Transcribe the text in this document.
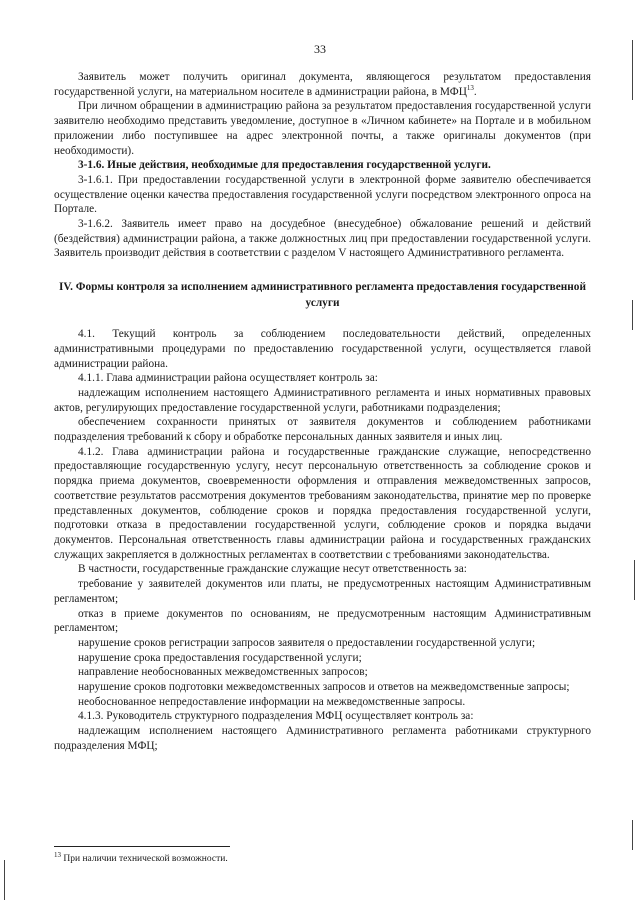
33

Заявитель может получить оригинал документа, являющегося результатом предоставления государственной услуги, на материальном носителе в администрации района, в МФЦ$^{13}$.

При личном обращении в администрацию района за результатом предоставления государственной услуги заявителю необходимо представить уведомление, доступное в «Личном кабинете» на Портале и в мобильном приложении либо поступившее на адрес электронной почты, а также оригиналы документов (при необходимости).

3-1.6. Иные действия, необходимые для предоставления государственной услуги.

3-1.6.1. При предоставлении государственной услуги в электронной форме заявителю обеспечивается осуществление оценки качества предоставления государственной услуги посредством электронного опроса на Портале.

3-1.6.2. Заявитель имеет право на досудебное (внесудебное) обжалование решений и действий (бездействия) администрации района, а также должностных лиц при предоставлении государственной услуги. Заявитель производит действия в соответствии с разделом V настоящего Административного регламента.

IV. Формы контроля за исполнением административного регламента предоставления государственной услуги

4.1. Текущий контроль за соблюдением последовательности действий, определенных административными процедурами по предоставлению государственной услуги, осуществляется главой администрации района.

4.1.1. Глава администрации района осуществляет контроль за:

надлежащим исполнением настоящего Административного регламента и иных нормативных правовых актов, регулирующих предоставление государственной услуги, работниками подразделения;

обеспечением сохранности принятых от заявителя документов и соблюдением работниками подразделения требований к сбору и обработке персональных данных заявителя и иных лиц.

4.1.2. Глава администрации района и государственные гражданские служащие, непосредственно предоставляющие государственную услугу, несут персональную ответственность за соблюдение сроков и порядка приема документов, своевременности оформления и отправления межведомственных запросов, соответствие результатов рассмотрения документов требованиям законодательства, принятие мер по проверке представленных документов, соблюдение сроков и порядка предоставления государственной услуги, подготовки отказа в предоставлении государственной услуги, соблюдение сроков и порядка выдачи документов. Персональная ответственность главы администрации района и государственных гражданских служащих закрепляется в должностных регламентах в соответствии с требованиями законодательства.

В частности, государственные гражданские служащие несут ответственность за:

требование у заявителей документов или платы, не предусмотренных настоящим Административным регламентом;

отказ в приеме документов по основаниям, не предусмотренным настоящим Административным регламентом;

нарушение сроков регистрации запросов заявителя о предоставлении государственной услуги;

нарушение срока предоставления государственной услуги;

направление необоснованных межведомственных запросов;

нарушение сроков подготовки межведомственных запросов и ответов на межведомственные запросы;

необоснованное непредоставление информации на межведомственные запросы.

4.1.3. Руководитель структурного подразделения МФЦ осуществляет контроль за:

надлежащим исполнением настоящего Административного регламента работниками структурного подразделения МФЦ;

$^{13}$ При наличии технической возможности.
